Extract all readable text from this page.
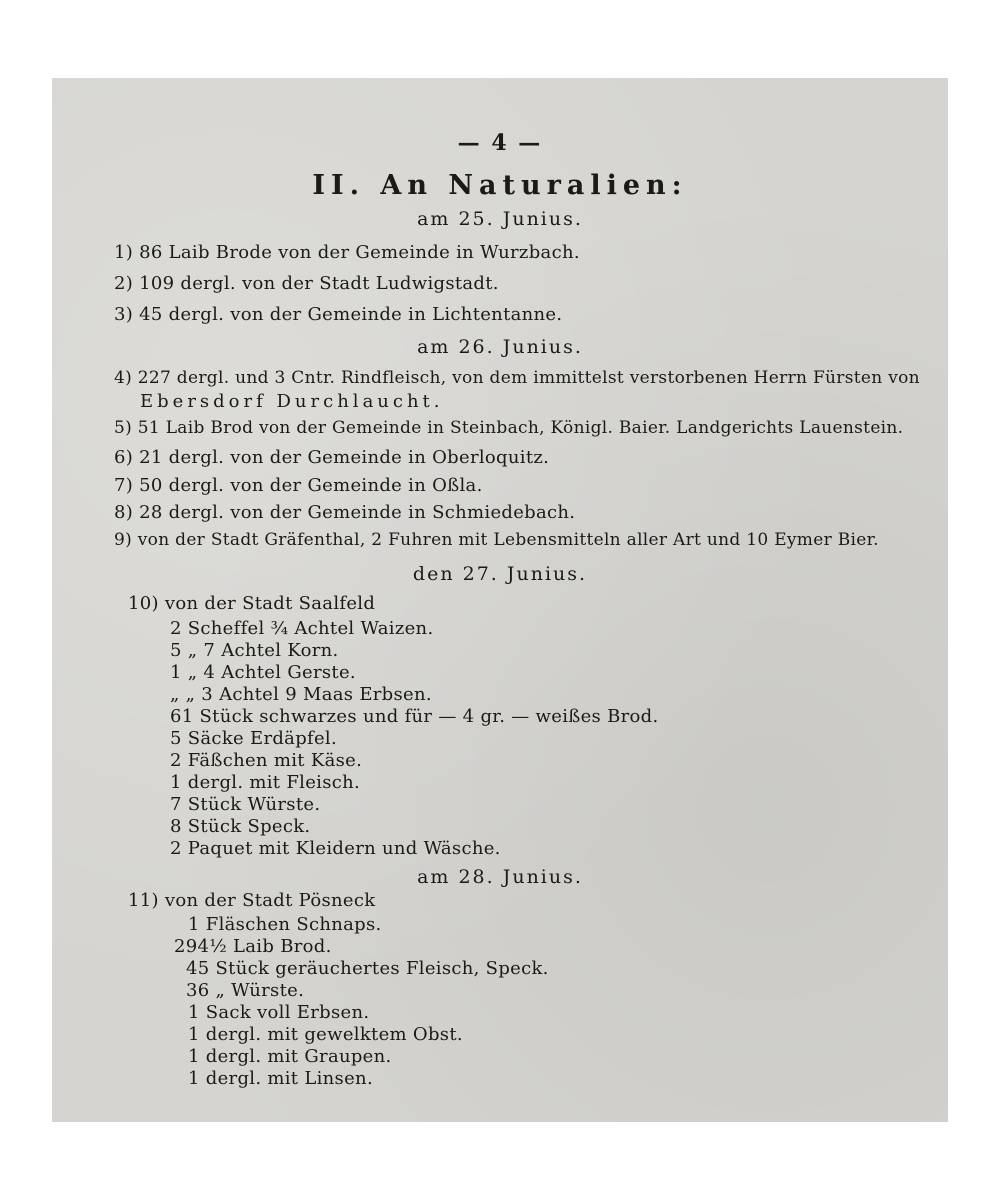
— 4 —
II. An Naturalien:
am 25. Junius.
1) 86 Laib Brode von der Gemeinde in Wurzbach.
2) 109 dergl. von der Stadt Ludwigstadt.
3) 45 dergl. von der Gemeinde in Lichtentanne.
am 26. Junius.
4) 227 dergl. und 3 Cntr. Rindfleisch, von dem immittelst verstorbenen Herrn Fürsten von
Ebersdorf Durchlaucht.
5) 51 Laib Brod von der Gemeinde in Steinbach, Königl. Baier. Landgerichts Lauenstein.
6) 21 dergl. von der Gemeinde in Oberloquitz.
7) 50 dergl. von der Gemeinde in Oßla.
8) 28 dergl. von der Gemeinde in Schmiedebach.
9) von der Stadt Gräfenthal, 2 Fuhren mit Lebensmitteln aller Art und 10 Eymer Bier.
den 27. Junius.
10) von der Stadt Saalfeld
2 Scheffel ¾ Achtel Waizen.
5 „ 7 Achtel Korn.
1 „ 4 Achtel Gerste.
„ „ 3 Achtel 9 Maas Erbsen.
61 Stück schwarzes und für — 4 gr. — weißes Brod.
5 Säcke Erdäpfel.
2 Fäßchen mit Käse.
1 dergl. mit Fleisch.
7 Stück Würste.
8 Stück Speck.
2 Paquet mit Kleidern und Wäsche.
am 28. Junius.
11) von der Stadt Pösneck
1 Fläschen Schnaps.
294½ Laib Brod.
45 Stück geräuchertes Fleisch, Speck.
36 „ Würste.
1 Sack voll Erbsen.
1 dergl. mit gewelktem Obst.
1 dergl. mit Graupen.
1 dergl. mit Linsen.
